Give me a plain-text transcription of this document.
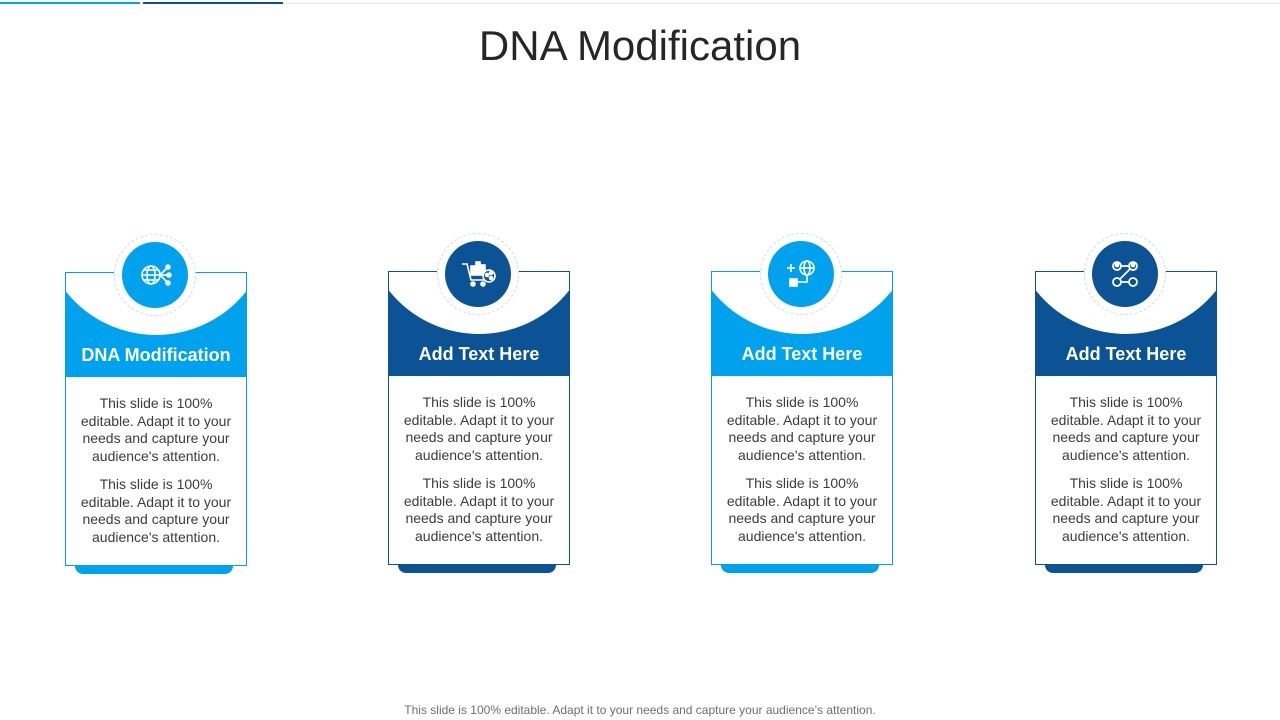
DNA Modification
DNA Modification

This slide is 100% editable. Adapt it to your needs and capture your audience's attention.

This slide is 100% editable. Adapt it to your needs and capture your audience's attention.

Add Text Here

This slide is 100% editable. Adapt it to your needs and capture your audience's attention.

This slide is 100% editable. Adapt it to your needs and capture your audience's attention.

Add Text Here

This slide is 100% editable. Adapt it to your needs and capture your audience's attention.

This slide is 100% editable. Adapt it to your needs and capture your audience's attention.

Add Text Here

This slide is 100% editable. Adapt it to your needs and capture your audience's attention.

This slide is 100% editable. Adapt it to your needs and capture your audience's attention.

This slide is 100% editable. Adapt it to your needs and capture your audience’s attention.
